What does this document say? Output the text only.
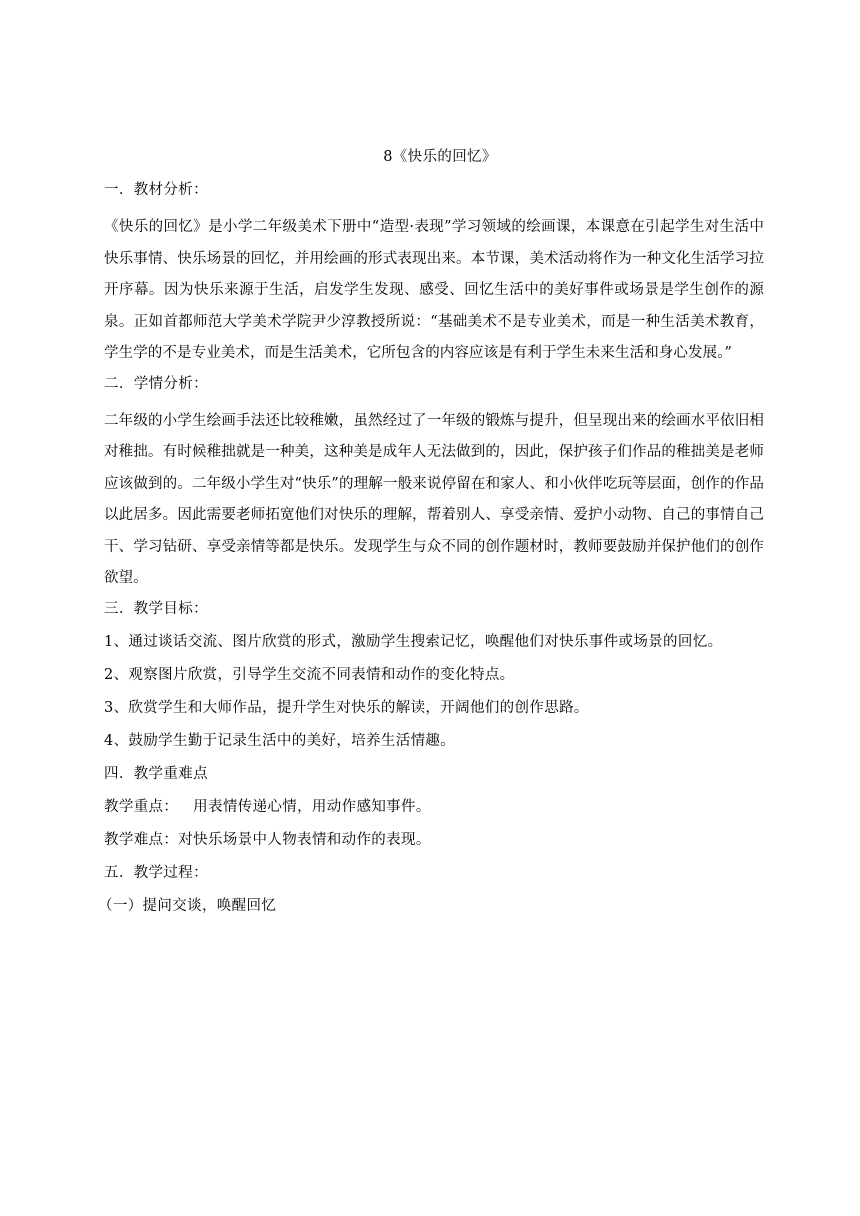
8《快乐的回忆》
一．教材分析：
《快乐的回忆》是小学二年级美术下册中“造型·表现”学习领域的绘画课，本课意在引起学生对生活中快乐事情、快乐场景的回忆，并用绘画的形式表现出来。本节课，美术活动将作为一种文化生活学习拉开序幕。因为快乐来源于生活，启发学生发现、感受、回忆生活中的美好事件或场景是学生创作的源泉。正如首都师范大学美术学院尹少淳教授所说：“基础美术不是专业美术，而是一种生活美术教育，学生学的不是专业美术，而是生活美术，它所包含的内容应该是有利于学生未来生活和身心发展。”
二．学情分析：
二年级的小学生绘画手法还比较稚嫩，虽然经过了一年级的锻炼与提升，但呈现出来的绘画水平依旧相对稚拙。有时候稚拙就是一种美，这种美是成年人无法做到的，因此，保护孩子们作品的稚拙美是老师应该做到的。二年级小学生对“快乐”的理解一般来说停留在和家人、和小伙伴吃玩等层面，创作的作品以此居多。因此需要老师拓宽他们对快乐的理解，帮着别人、享受亲情、爱护小动物、自己的事情自己干、学习钻研、享受亲情等都是快乐。发现学生与众不同的创作题材时，教师要鼓励并保护他们的创作欲望。
三．教学目标：
1、通过谈话交流、图片欣赏的形式，激励学生搜索记忆，唤醒他们对快乐事件或场景的回忆。
2、观察图片欣赏，引导学生交流不同表情和动作的变化特点。
3、欣赏学生和大师作品，提升学生对快乐的解读，开阔他们的创作思路。
4、鼓励学生勤于记录生活中的美好，培养生活情趣。
四．教学重难点
教学重点：   用表情传递心情，用动作感知事件。
教学难点：对快乐场景中人物表情和动作的表现。
五．教学过程：
（一）提问交谈，唤醒回忆
